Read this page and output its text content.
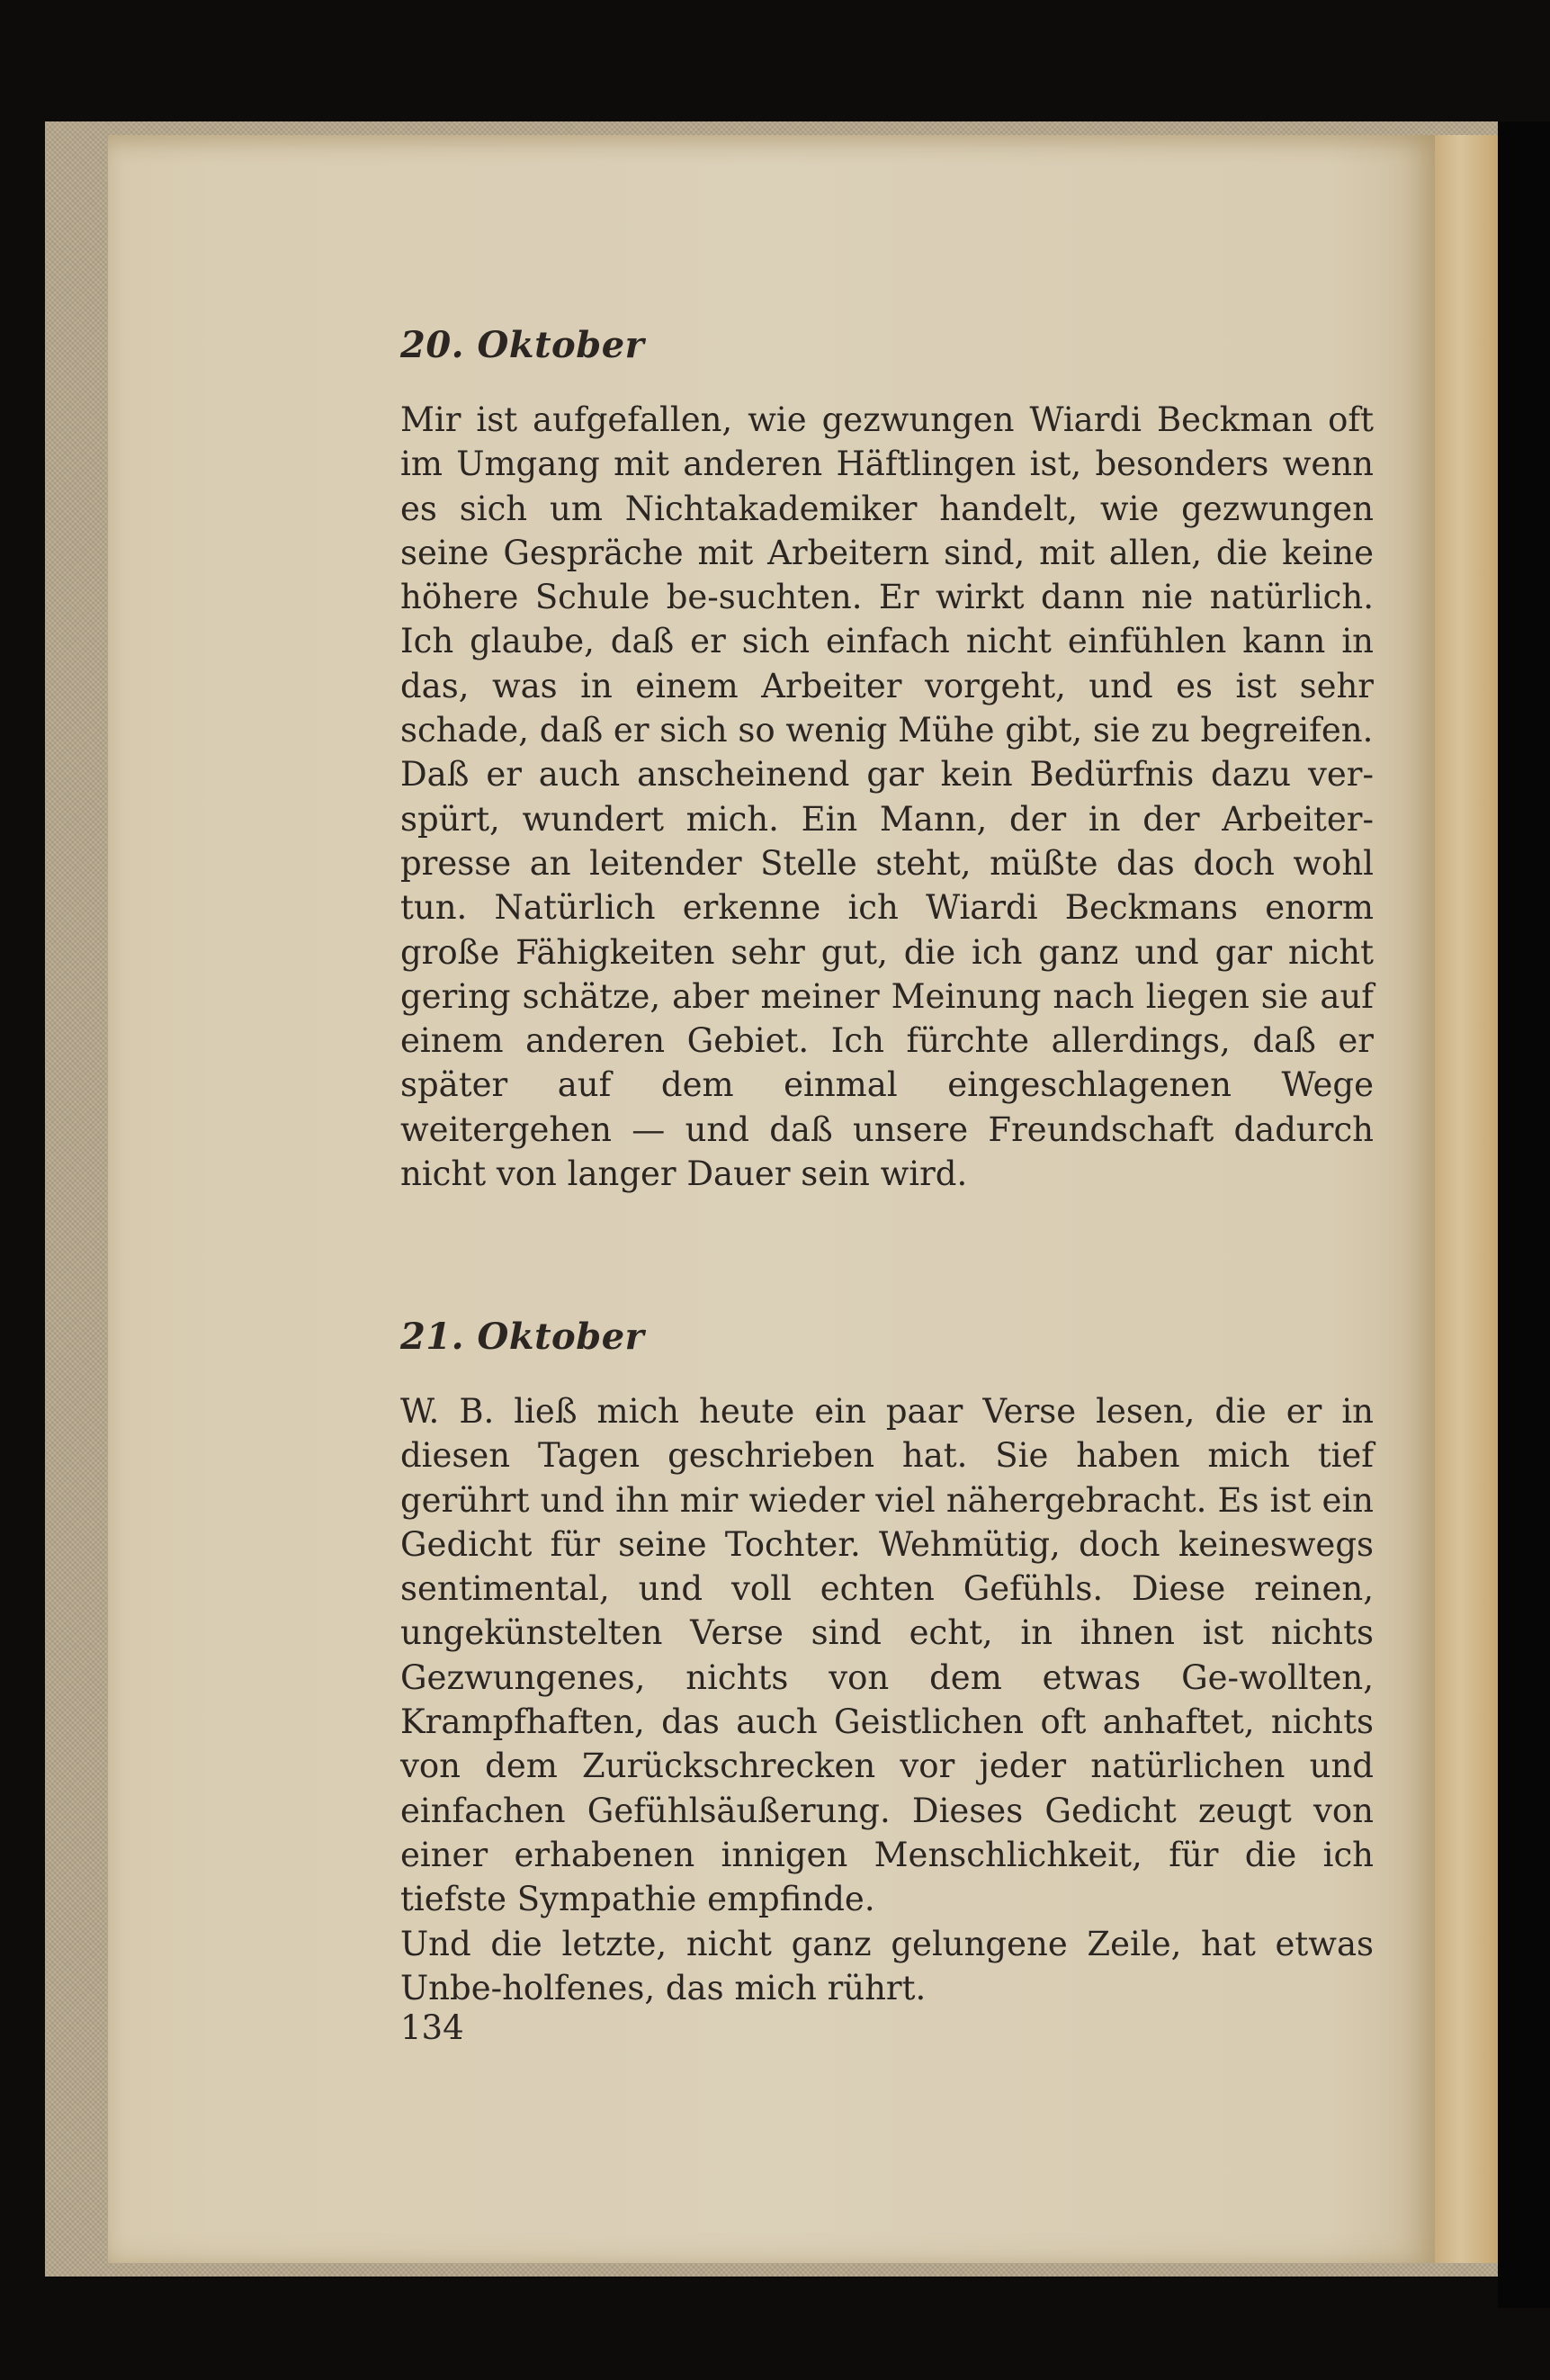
20. Oktober

Mir ist aufgefallen, wie gezwungen Wiardi Beckman oft im Umgang mit anderen Häftlingen ist, besonders wenn es sich um Nichtakademiker handelt, wie gezwungen seine Gespräche mit Arbeitern sind, mit allen, die keine höhere Schule be-suchten. Er wirkt dann nie natürlich. Ich glaube, daß er sich einfach nicht einfühlen kann in das, was in einem Arbeiter vorgeht, und es ist sehr schade, daß er sich so wenig Mühe gibt, sie zu begreifen.

Daß er auch anscheinend gar kein Bedürfnis dazu ver-spürt, wundert mich. Ein Mann, der in der Arbeiter-presse an leitender Stelle steht, müßte das doch wohl tun. Natürlich erkenne ich Wiardi Beckmans enorm große Fähigkeiten sehr gut, die ich ganz und gar nicht gering schätze, aber meiner Meinung nach liegen sie auf einem anderen Gebiet. Ich fürchte allerdings, daß er später auf dem einmal eingeschlagenen Wege weitergehen — und daß unsere Freundschaft dadurch nicht von langer Dauer sein wird.

21. Oktober

W. B. ließ mich heute ein paar Verse lesen, die er in diesen Tagen geschrieben hat. Sie haben mich tief gerührt und ihn mir wieder viel nähergebracht. Es ist ein Gedicht für seine Tochter. Wehmütig, doch keineswegs sentimental, und voll echten Gefühls. Diese reinen, ungekünstelten Verse sind echt, in ihnen ist nichts Gezwungenes, nichts von dem etwas Ge-wollten, Krampfhaften, das auch Geistlichen oft anhaftet, nichts von dem Zurückschrecken vor jeder natürlichen und einfachen Gefühlsäußerung. Dieses Gedicht zeugt von einer erhabenen innigen Menschlichkeit, für die ich tiefste Sympathie empfinde.

Und die letzte, nicht ganz gelungene Zeile, hat etwas Unbe-holfenes, das mich rührt.

134
